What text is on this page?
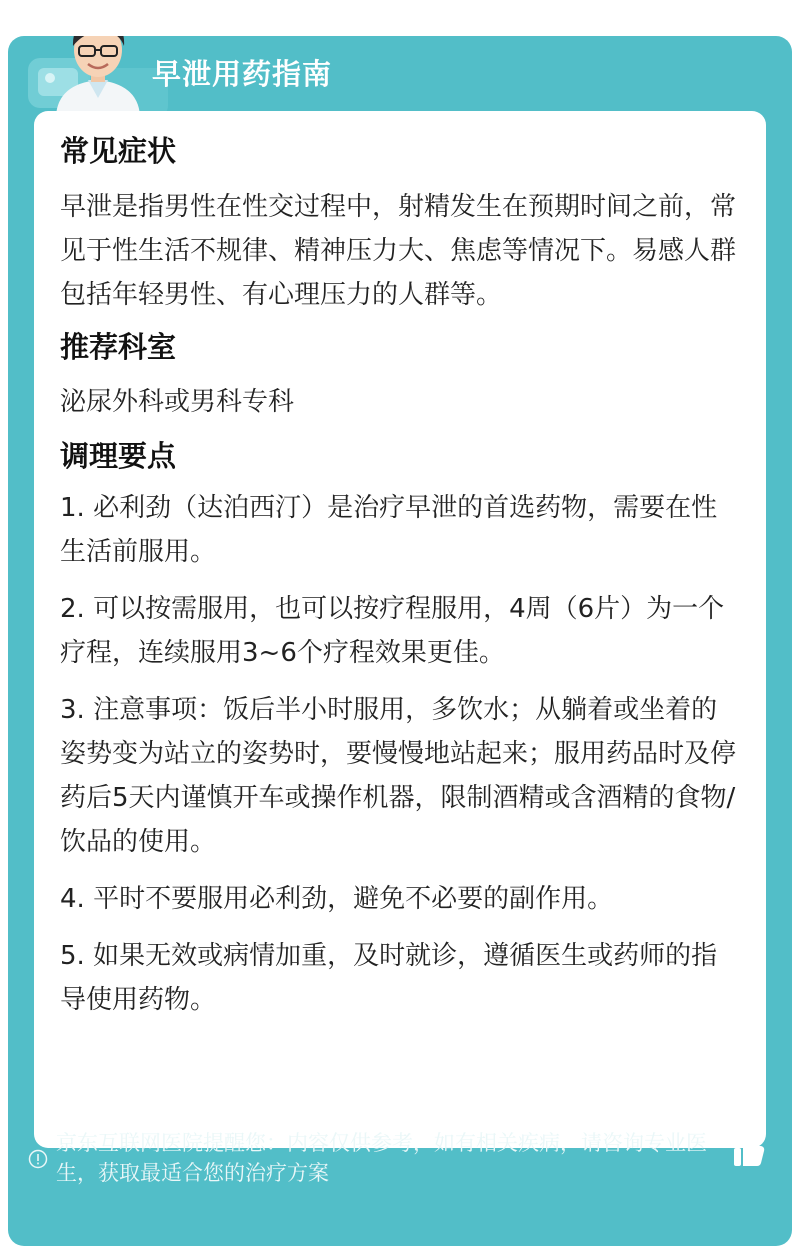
早泄用药指南
常见症状
早泄是指男性在性交过程中，射精发生在预期时间之前，常见于性生活不规律、精神压力大、焦虑等情况下。易感人群包括年轻男性、有心理压力的人群等。
推荐科室
泌尿外科或男科专科
调理要点
1. 必利劲（达泊西汀）是治疗早泄的首选药物，需要在性生活前服用。
2. 可以按需服用，也可以按疗程服用，4周（6片）为一个疗程，连续服用3~6个疗程效果更佳。
3. 注意事项：饭后半小时服用，多饮水；从躺着或坐着的姿势变为站立的姿势时，要慢慢地站起来；服用药品时及停药后5天内谨慎开车或操作机器，限制酒精或含酒精的食物/饮品的使用。
4. 平时不要服用必利劲，避免不必要的副作用。
5. 如果无效或病情加重，及时就诊，遵循医生或药师的指导使用药物。
京东互联网医院提醒您：内容仅供参考，如有相关疾病，请咨询专业医生，获取最适合您的治疗方案
